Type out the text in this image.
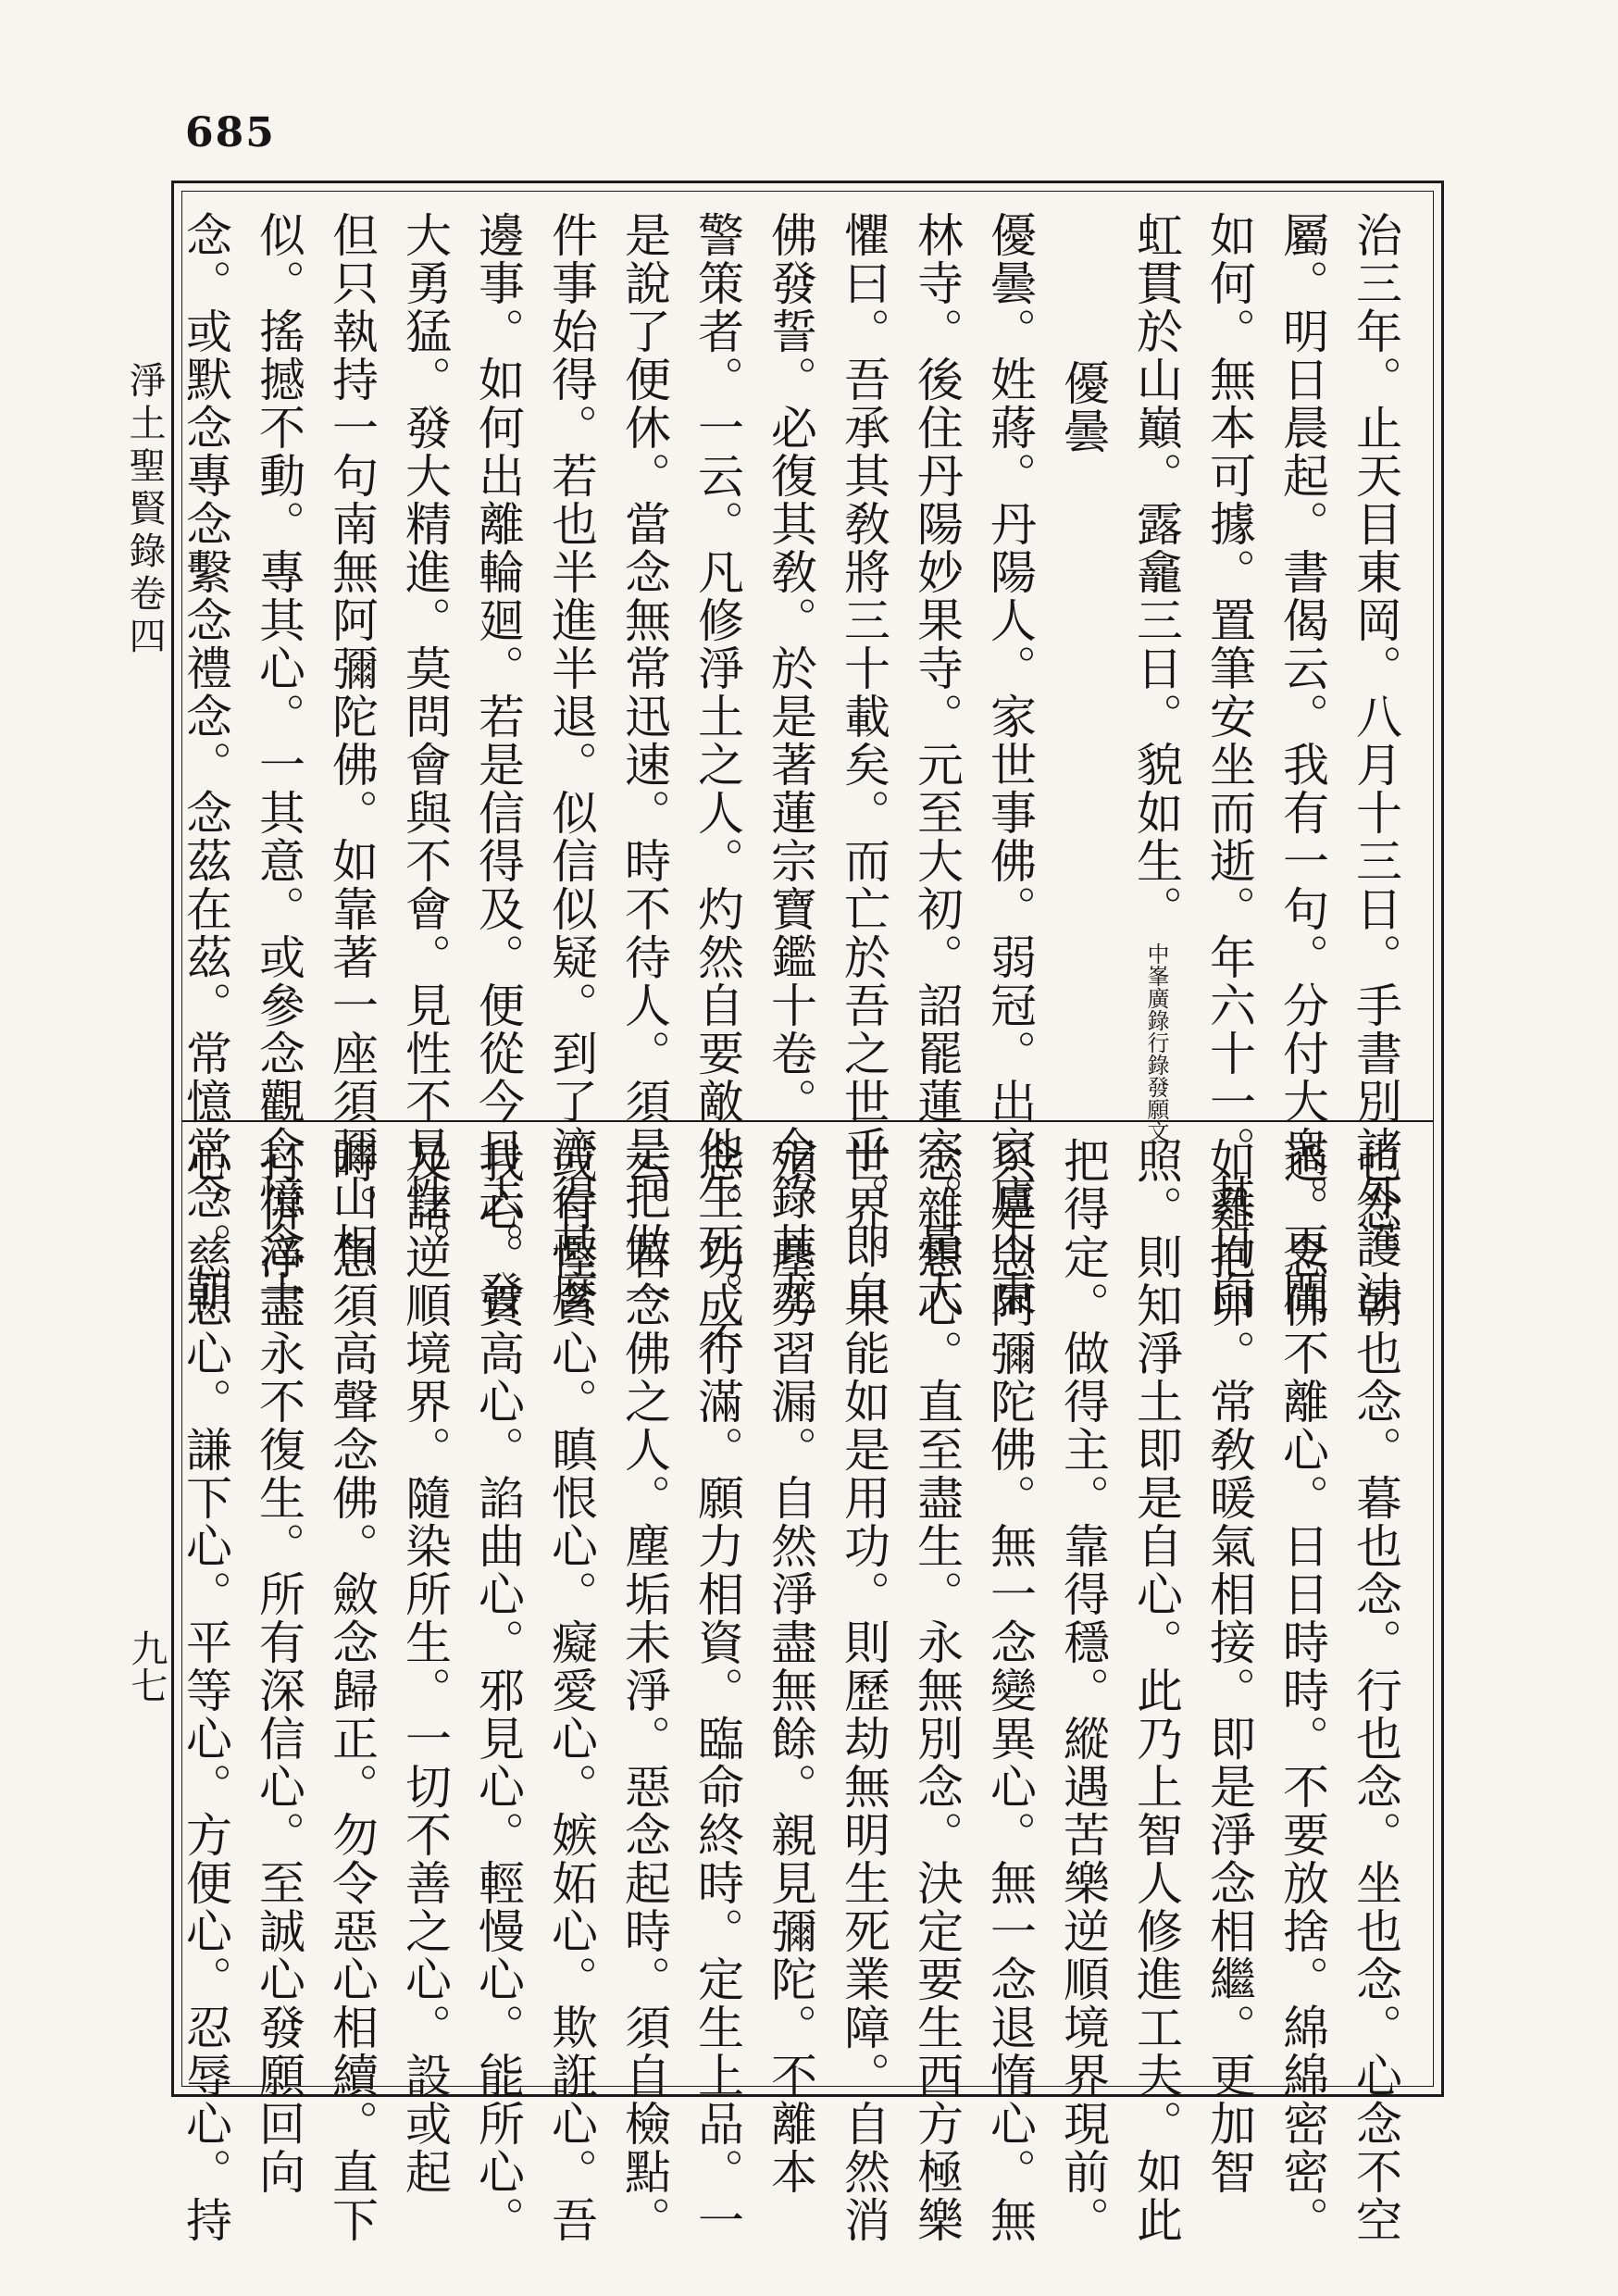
685
淨土聖賢錄卷四
九七
治三年。止天目東岡。八月十三日。手書別諸外護法
屬。明日晨起。書偈云。我有一句。分付大衆。更問
如何。無本可據。置筆安坐而逝。年六十一。其日白
虹貫於山巔。露龕三日。貌如生。中峯廣錄行錄發願文
優曇
優曇。姓蔣。丹陽人。家世事佛。弱冠。出家廬山東
林寺。後住丹陽妙果寺。元至大初。詔罷蓮宗。曇大
懼曰。吾承其敎將三十載矣。而亡於吾之世乎。即白
佛發誓。必復其敎。於是著蓮宗寶鑑十卷。今錄其尤
警策者。一云。凡修淨土之人。灼然自要敵他生死。不
是說了便休。當念無常迅速。時不待人。須是把做一
件事始得。若也半進半退。似信似疑。到了濟得甚麼
邊事。如何出離輪廻。若是信得及。便從今日去。發
大勇猛。發大精進。莫問會與不會。見性不見性。
但只執持一句南無阿彌陀佛。如靠著一座須彌山相
似。搖撼不動。專其心。一其意。或參念觀念憶念十
念。或默念專念繫念禮念。念茲在茲。常憶常念。朝
也念。朝也念。暮也念。行也念。坐也念。心念不空
過。念佛不離心。日日時時。不要放捨。綿綿密密。
如雞抱卵。常敎暖氣相接。即是淨念相繼。更加智
照。則知淨土即是自心。此乃上智人修進工夫。如此
把得定。做得主。靠得穩。縱遇苦樂逆順境界現前。
只是念阿彌陀佛。無一念變異心。無一念退惰心。無
念雜想心。直至盡生。永無別念。決定要生西方極樂
世界。果能如是用功。則歷劫無明生死業障。自然消
殞。塵勞習漏。自然淨盡無餘。親見彌陀。不離本
念。功成行滿。願力相資。臨命終時。定生上品。一
云。若念佛之人。塵垢未淨。惡念起時。須自檢點。
或有慳貪心。瞋恨心。癡愛心。嫉妬心。欺誑心。吾
我心。貢高心。諂曲心。邪見心。輕慢心。能所心。
及諸逆順境界。隨染所生。一切不善之心。設或起
時。急須高聲念佛。斂念歸正。勿令惡心相續。直下
打併淨盡永不復生。所有深信心。至誠心發願回向
心。慈悲心。謙下心。平等心。方便心。忍辱心。持
